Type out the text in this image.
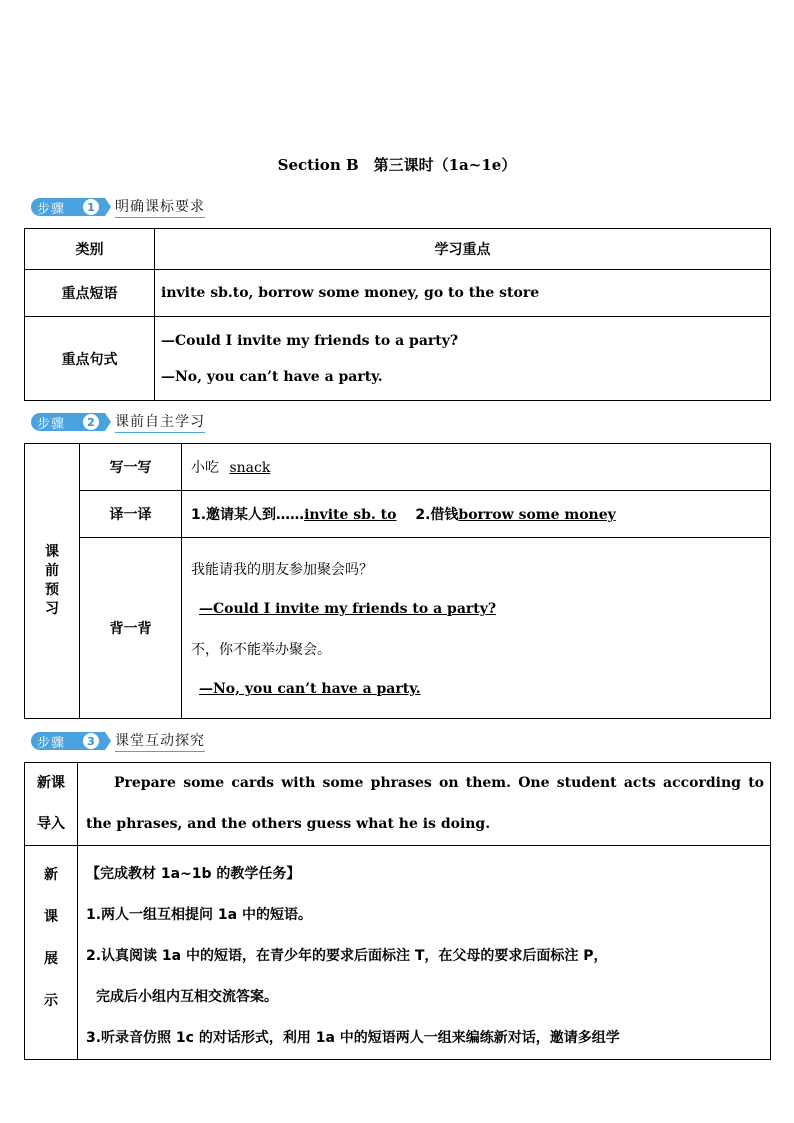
Section B　第三课时（1a~1e）
步骤	1 明确课标要求
类别	学习重点
重点短语	invite sb.to, borrow some money, go to the store
重点句式	—Could I invite my friends to a party?
—No, you can’t have a party.
步骤	2 课前自主学习
课前预习	写一写	小吃 snack
	译一译	1.邀请某人到……invite sb. to 2.借钱borrow some money
	背一背	我能请我的朋友参加聚会吗？
—Could I invite my friends to a party?
不，你不能举办聚会。
—No, you can’t have a party.
步骤	3 课堂互动探究
新课
导入	Prepare some cards with some phrases on them. One student acts according to the phrases, and the others guess what he is doing.

新
课
展
示	【完成教材 1a~1b 的教学任务】
1.两人一组互相提问 1a 中的短语。
2.认真阅读 1a 中的短语，在青少年的要求后面标注 T，在父母的要求后面标注 P，
完成后小组内互相交流答案。
3.听录音仿照 1c 的对话形式，利用 1a 中的短语两人一组来编练新对话，邀请多组学
